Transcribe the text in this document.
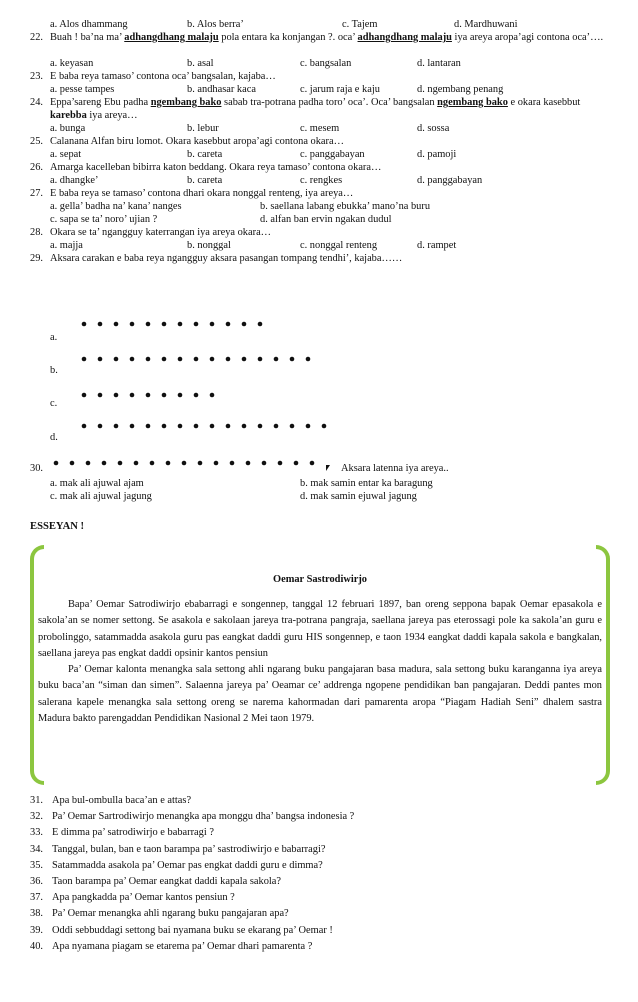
a. Alos dhammang	b. Alos berra’	c. Tajem	d. Mardhuwani
22. Buah ! ba’na ma’ adhangdhang malaju pola entara ka konjangan ?. oca’ adhangdhang malaju iya areya aropa’agi contona oca’….
a. keyasan	b. asal	c. bangsalan	d. lantaran
23. E baba reya tamaso’ contona oca’ bangsalan, kajaba…
a. pesse tampes	b. andhasar kaca	c. jarum raja e kaju	d. ngembang penang
24. Eppa’sareng Ebu padha ngembang bako sabab tra-potrana padha toro’ oca’. Oca’ bangsalan ngembang bako e okara kasebbut karebba iya areya…
a. bunga	b. lebur	c. mesem	d. sossa
25. Calanana Alfan biru lomot. Okara kasebbut aropa’agi contona okara…
a. sepat	b. careta	c. panggabayan	d. pamoji
26. Amarga kacelleban bibirra katon beddang. Okara reya tamaso’ contona okara…
a. dhangke’	b. careta	c. rengkes	d. panggabayan
27. E baba reya se tamaso’ contona dhari okara nonggal renteng, iya areya…
a. gella’ badha na’ kana’ nanges	b. saellana labang ebukka’ mano’na buru
c. sapa se ta’ noro’ ujian ?	d. alfan ban ervin ngakan dudul
28. Okara se ta’ ngangguy katerrangan iya areya okara…
a. majja	b. nonggal	c. nonggal renteng	d. rampet
29. Aksara carakan e baba reya ngangguy aksara pasangan tompang tendhi’, kajaba……
a.
b.
c.
d.
30.	Aksara latenna iya areya..
a. mak ali ajuwal ajam	b. mak samin entar ka baragung
c. mak ali ajuwal jagung	d. mak samin ejuwal jagung
ESSEYAN !
Oemar Sastrodiwirjo

Bapa’ Oemar Satrodiwirjo ebabarragi e songennep, tanggal 12 februari 1897, ban oreng seppona bapak Oemar epasakola e sakola’an se nomer settong. Se asakola e sakolaan jareya tra-potrana pangraja, saellana jareya pas eterossagi pole ka sakola’an guru e probolinggo, satammadda asakola guru pas eangkat daddi guru HIS songennep, e taon 1934 eangkat daddi kapala sakola e bangkalan, saellana jareya pas engkat daddi opsinir kantos pensiun

Pa’ Oemar kalonta menangka sala settong ahli ngarang buku pangajaran basa madura, sala settong buku karanganna iya areya buku baca’an “siman dan simen”. Salaenna jareya pa’ Oeamar ce’ addrenga ngopene pendidikan ban pangajaran. Deddi pantes mon salerana kapele menangka sala settong oreng se narema kahormadan dari pamarenta aropa “Piagam Hadiah Seni” dhalem sastra Madura bakto parengaddan Pendidikan Nasional 2 Mei taon 1979.

31. Apa bul-ombulla baca’an e attas?
32. Pa’ Oemar Sartrodiwirjo menangka apa monggu dha’ bangsa indonesia ?
33. E dimma pa’ satrodiwirjo e babarragi ?
34. Tanggal, bulan, ban e taon barampa pa’ sastrodiwirjo e babarragi?
35. Satammadda asakola pa’ Oemar pas engkat daddi guru e dimma?
36. Taon barampa pa’ Oemar eangkat daddi kapala sakola?
37. Apa pangkadda pa’ Oemar kantos pensiun ?
38. Pa’ Oemar menangka ahli ngarang buku pangajaran apa?
39. Oddi sebbuddagi settong bai nyamana buku se ekarang pa’ Oemar !
40. Apa nyamana piagam se etarema pa’ Oemar dhari pamarenta ?
